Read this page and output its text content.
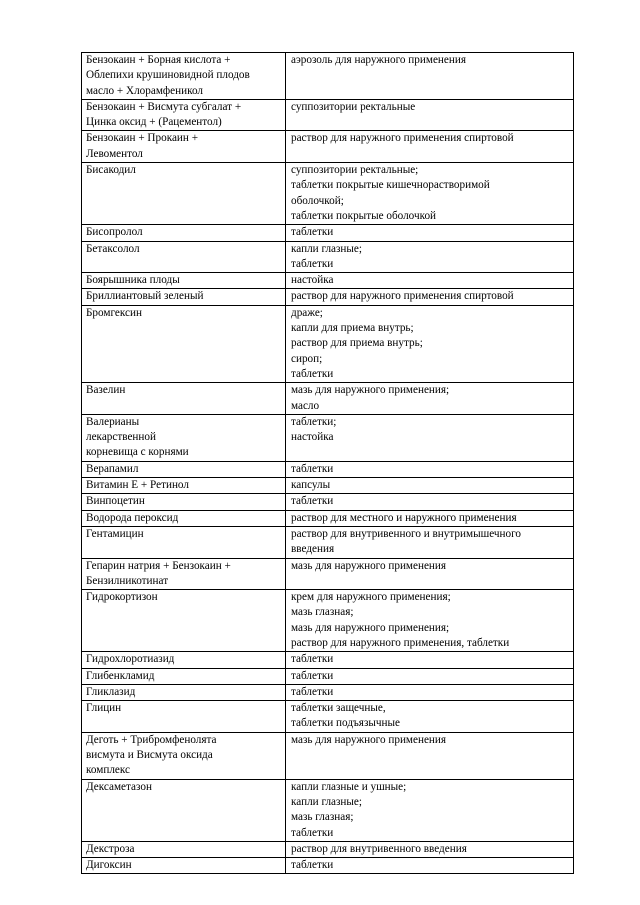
Бензокаин + Борная кислота +
Облепихи крушиновидной плодов
масло + Хлорамфеникол	аэрозоль для наружного применения
Бензокаин + Висмута субгалат +
Цинка оксид + (Рацементол)	суппозитории ректальные
Бензокаин + Прокаин +
Левоментол	раствор для наружного применения спиртовой
Бисакодил	суппозитории ректальные;
таблетки покрытые кишечнорастворимой
оболочкой;
таблетки покрытые оболочкой
Бисопролол	таблетки
Бетаксолол	капли глазные;
таблетки
Боярышника плоды	настойка
Бриллиантовый зеленый	раствор для наружного применения спиртовой
Бромгексин	драже;
капли для приема внутрь;
раствор для приема внутрь;
сироп;
таблетки
Вазелин	мазь для наружного применения;
масло
Валерианы
лекарственной
корневища с корнями	таблетки;
настойка
Верапамил	таблетки
Витамин Е + Ретинол	капсулы
Винпоцетин	таблетки
Водорода пероксид	раствор для местного и наружного применения
Гентамицин	раствор для внутривенного и внутримышечного
введения
Гепарин натрия + Бензокаин +
Бензилникотинат	мазь для наружного применения
Гидрокортизон	крем для наружного применения;
мазь глазная;
мазь для наружного применения;
раствор для наружного применения, таблетки
Гидрохлоротиазид	таблетки
Глибенкламид	таблетки
Гликлазид	таблетки
Глицин	таблетки защечные,
таблетки подъязычные
Деготь + Трибромфенолята
висмута и Висмута оксида
комплекс	мазь для наружного применения
Дексаметазон	капли глазные и ушные;
капли глазные;
мазь глазная;
таблетки
Декстроза	раствор для внутривенного введения
Дигоксин	таблетки
